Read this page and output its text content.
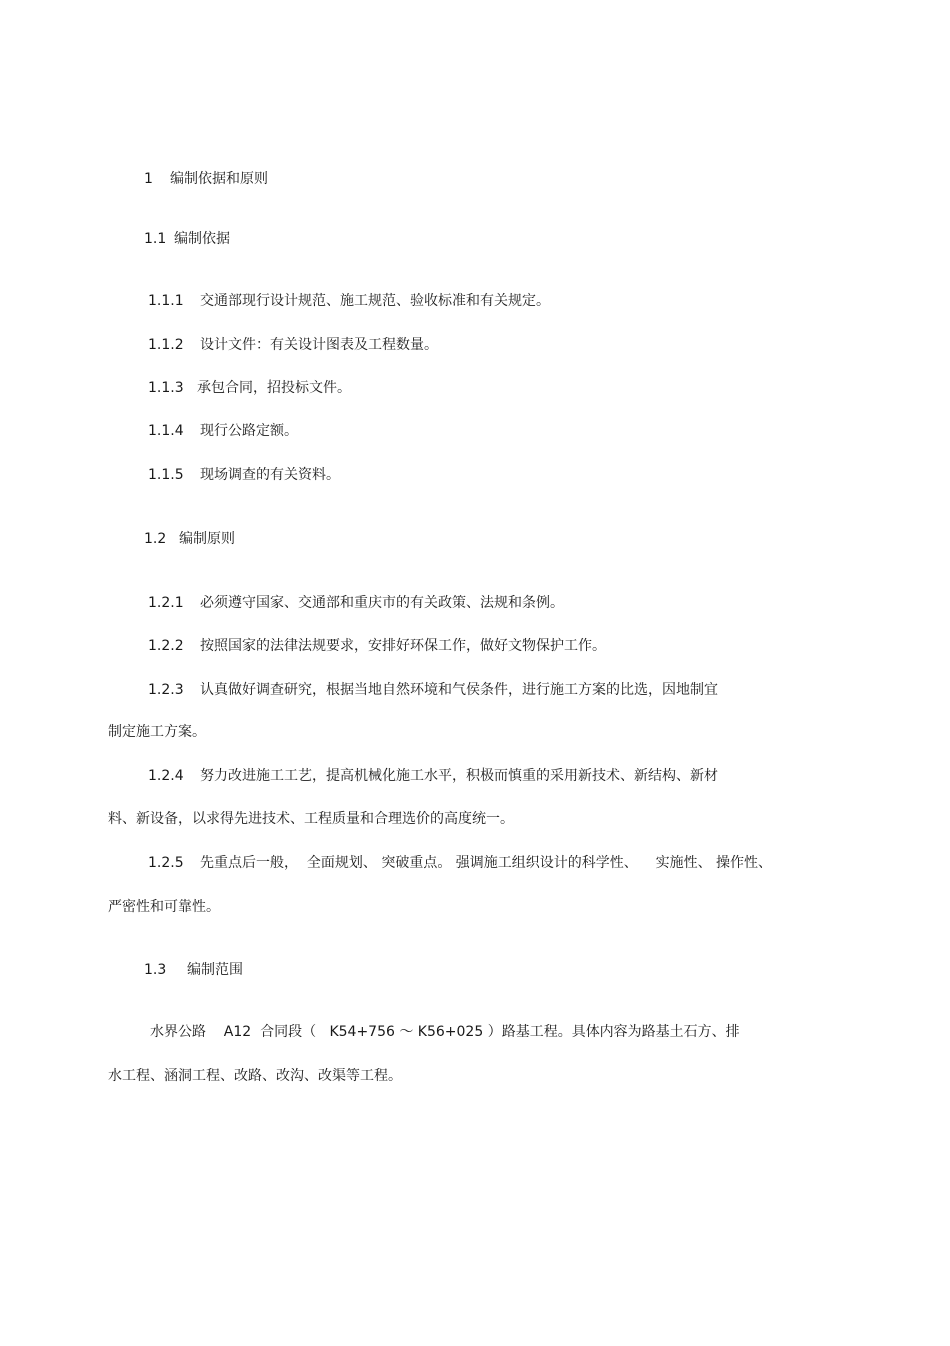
1 编制依据和原则
1.1 编制依据
1.1.1 交通部现行设计规范、施工规范、验收标准和有关规定。
1.1.2 设计文件：有关设计图表及工程数量。
1.1.3 承包合同，招投标文件。
1.1.4 现行公路定额。
1.1.5 现场调查的有关资料。
1.2 编制原则
1.2.1 必须遵守国家、交通部和重庆市的有关政策、法规和条例。
1.2.2 按照国家的法律法规要求，安排好环保工作，做好文物保护工作。
1.2.3 认真做好调查研究，根据当地自然环境和气侯条件，进行施工方案的比选，因地制宜
制定施工方案。
1.2.4 努力改进施工工艺，提高机械化施工水平，积极而慎重的采用新技术、新结构、新材
料、新设备，以求得先进技术、工程质量和合理选价的高度统一。
1.2.5 先重点后一般，  全面规划、 突破重点。 强调施工组织设计的科学性、    实施性、 操作性、
严密性和可靠性。
1.3 编制范围
水界公路    A12  合同段（   K54+756 ～ K56+025 ）路基工程。具体内容为路基土石方、排
水工程、涵洞工程、改路、改沟、改渠等工程。
